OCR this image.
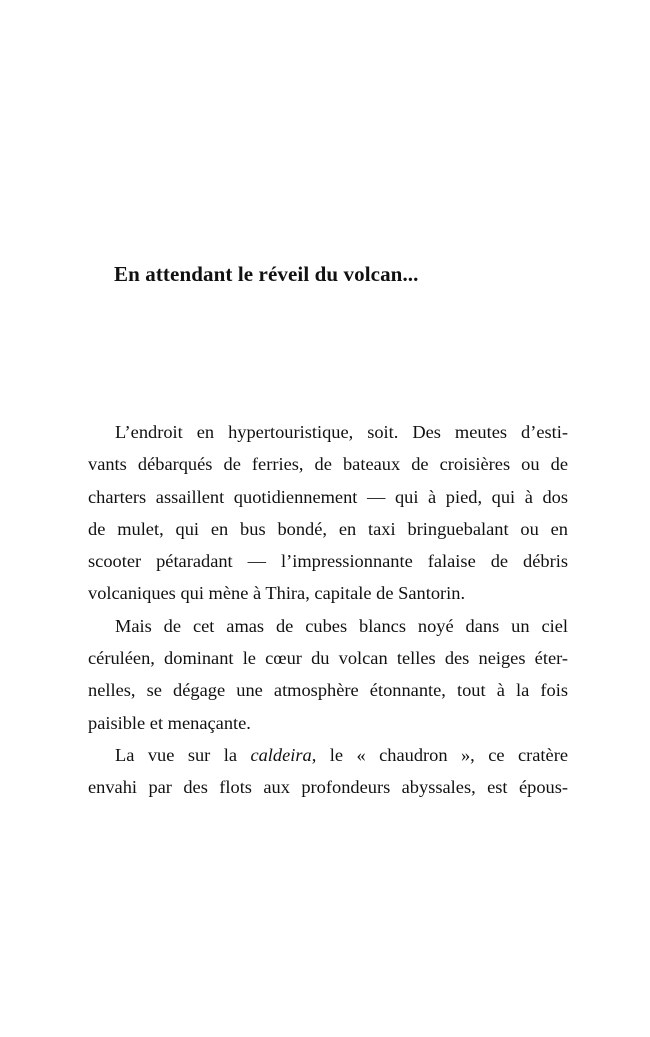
En attendant le réveil du volcan...
L’endroit en hypertouristique, soit. Des meutes d’esti-
vants débarqués de ferries, de bateaux de croisières ou de
charters assaillent quotidiennement — qui à pied, qui à dos
de mulet, qui en bus bondé, en taxi bringuebalant ou en
scooter pétaradant — l’impressionnante falaise de débris
volcaniques qui mène à Thira, capitale de Santorin.
Mais de cet amas de cubes blancs noyé dans un ciel
céruléen, dominant le cœur du volcan telles des neiges éter-
nelles, se dégage une atmosphère étonnante, tout à la fois
paisible et menaçante.
La vue sur la caldeira, le « chaudron », ce cratère
envahi par des flots aux profondeurs abyssales, est épous-
